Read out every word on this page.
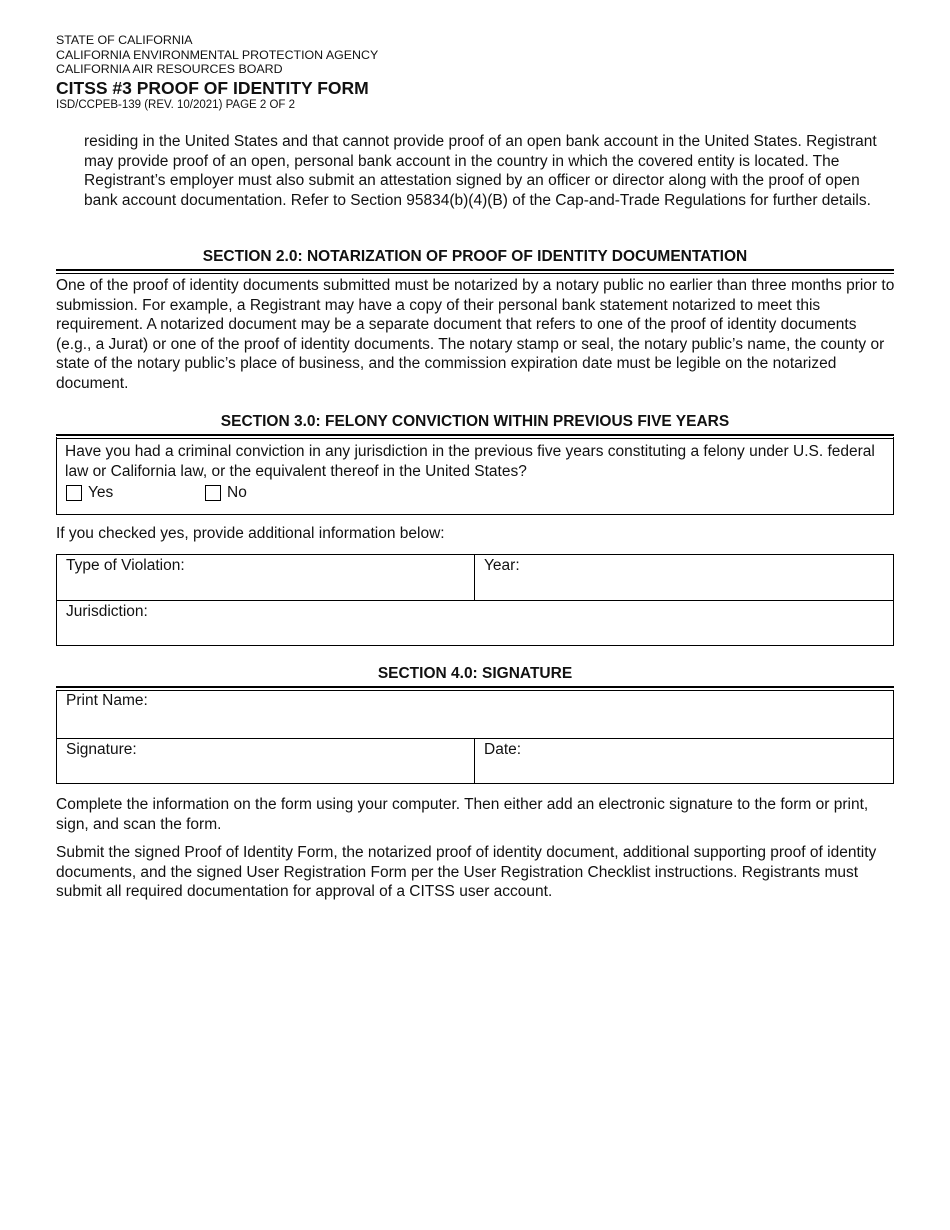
STATE OF CALIFORNIA

CALIFORNIA ENVIRONMENTAL PROTECTION AGENCY

CALIFORNIA AIR RESOURCES BOARD

CITSS #3 PROOF OF IDENTITY FORM

ISD/CCPEB-139 (REV. 10/2021) PAGE 2 OF 2

residing in the United States and that cannot provide proof of an open bank account in the United States. Registrant may provide proof of an open, personal bank account in the country in which the covered entity is located. The Registrant’s employer must also submit an attestation signed by an officer or director along with the proof of open bank account documentation. Refer to Section 95834(b)(4)(B) of the Cap-and-Trade Regulations for further details.

SECTION 2.0: NOTARIZATION OF PROOF OF IDENTITY DOCUMENTATION

One of the proof of identity documents submitted must be notarized by a notary public no earlier than three months prior to submission. For example, a Registrant may have a copy of their personal bank statement notarized to meet this requirement. A notarized document may be a separate document that refers to one of the proof of identity documents (e.g., a Jurat) or one of the proof of identity documents. The notary stamp or seal, the notary public’s name, the county or state of the notary public’s place of business, and the commission expiration date must be legible on the notarized document.

SECTION 3.0: FELONY CONVICTION WITHIN PREVIOUS FIVE YEARS

Have you had a criminal conviction in any jurisdiction in the previous five years constituting a felony under U.S. federal law or California law, or the equivalent thereof in the United States?

Yes	No

If you checked yes, provide additional information below:

Type of Violation:	Year:
Jurisdiction:

SECTION 4.0: SIGNATURE

Print Name:
Signature:	Date:

Complete the information on the form using your computer. Then either add an electronic signature to the form or print, sign, and scan the form.

Submit the signed Proof of Identity Form, the notarized proof of identity document, additional supporting proof of identity documents, and the signed User Registration Form per the User Registration Checklist instructions. Registrants must submit all required documentation for approval of a CITSS user account.
